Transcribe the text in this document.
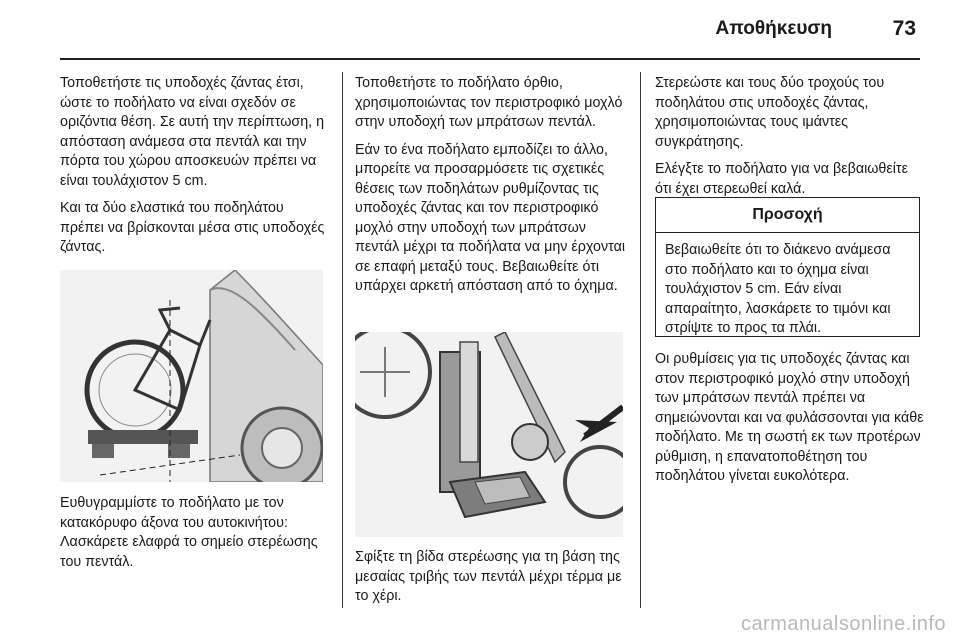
Αποθήκευση	73

Τοποθετήστε τις υποδοχές ζάντας έτσι, ώστε το ποδήλατο να είναι σχεδόν σε οριζόντια θέση. Σε αυτή την περίπτωση, η απόσταση ανάμεσα στα πεντάλ και την πόρτα του χώρου αποσκευών πρέπει να είναι τουλάχιστον 5 cm.

Και τα δύο ελαστικά του ποδηλάτου πρέπει να βρίσκονται μέσα στις υποδοχές ζάντας.

Ευθυγραμμίστε το ποδήλατο με τον κατακόρυφο άξονα του αυτοκινήτου: Λασκάρετε ελαφρά το σημείο στερέωσης του πεντάλ.

Τοποθετήστε το ποδήλατο όρθιο, χρησιμοποιώντας τον περιστροφικό μοχλό στην υποδοχή των μπράτσων πεντάλ.

Εάν το ένα ποδήλατο εμποδίζει το άλλο, μπορείτε να προσαρμόσετε τις σχετικές θέσεις των ποδηλάτων ρυθμίζοντας τις υποδοχές ζάντας και τον περιστροφικό μοχλό στην υποδοχή των μπράτσων πεντάλ μέχρι τα ποδήλατα να μην έρχονται σε επαφή μεταξύ τους. Βεβαιωθείτε ότι υπάρχει αρκετή απόσταση από το όχημα.

Σφίξτε τη βίδα στερέωσης για τη βάση της μεσαίας τριβής των πεντάλ μέχρι τέρμα με το χέρι.

Στερεώστε και τους δύο τροχούς του ποδηλάτου στις υποδοχές ζάντας, χρησιμοποιώντας τους ιμάντες συγκράτησης.

Ελέγξτε το ποδήλατο για να βεβαιωθείτε ότι έχει στερεωθεί καλά.

Προσοχή
Βεβαιωθείτε ότι το διάκενο ανάμεσα στο ποδήλατο και το όχημα είναι τουλάχιστον 5 cm. Εάν είναι απαραίτητο, λασκάρετε το τιμόνι και στρίψτε το προς τα πλάι.

Οι ρυθμίσεις για τις υποδοχές ζάντας και στον περιστροφικό μοχλό στην υποδοχή των μπράτσων πεντάλ πρέπει να σημειώνονται και να φυλάσσονται για κάθε ποδήλατο. Με τη σωστή εκ των προτέρων ρύθμιση, η επανατοποθέτηση του ποδηλάτου γίνεται ευκολότερα.

carmanualsonline.info
